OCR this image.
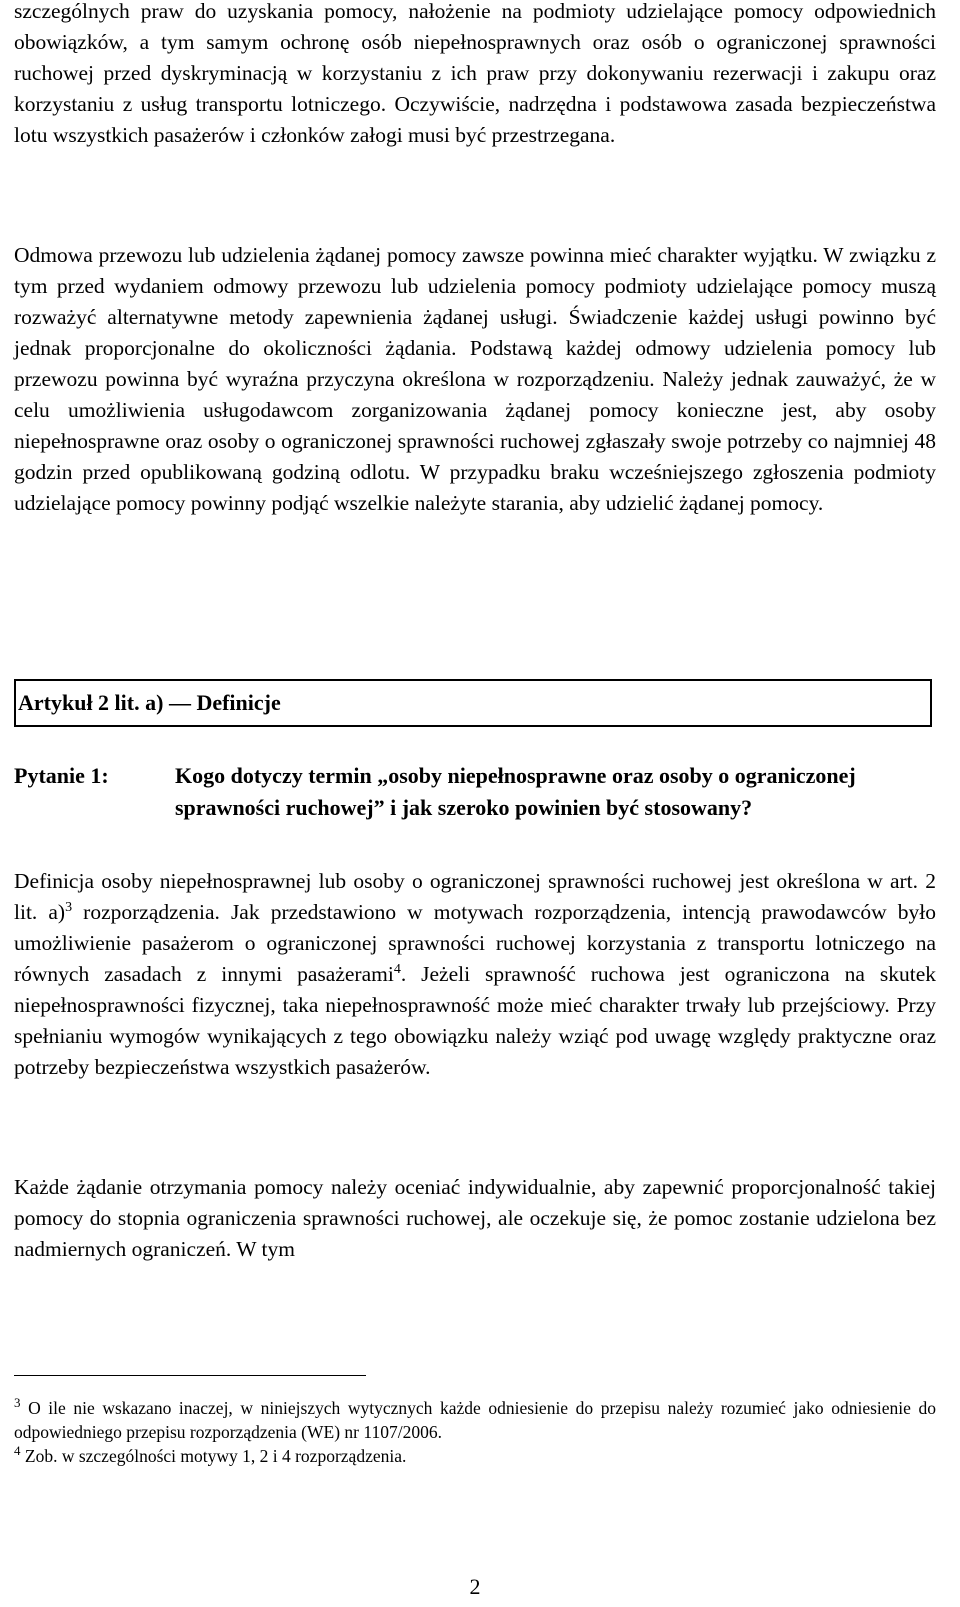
szczególnych praw do uzyskania pomocy, nałożenie na podmioty udzielające pomocy odpowiednich obowiązków, a tym samym ochronę osób niepełnosprawnych oraz osób o ograniczonej sprawności ruchowej przed dyskryminacją w korzystaniu z ich praw przy dokonywaniu rezerwacji i zakupu oraz korzystaniu z usług transportu lotniczego. Oczywiście, nadrzędna i podstawowa zasada bezpieczeństwa lotu wszystkich pasażerów i członków załogi musi być przestrzegana.

Odmowa przewozu lub udzielenia żądanej pomocy zawsze powinna mieć charakter wyjątku. W związku z tym przed wydaniem odmowy przewozu lub udzielenia pomocy podmioty udzielające pomocy muszą rozważyć alternatywne metody zapewnienia żądanej usługi. Świadczenie każdej usługi powinno być jednak proporcjonalne do okoliczności żądania. Podstawą każdej odmowy udzielenia pomocy lub przewozu powinna być wyraźna przyczyna określona w rozporządzeniu. Należy jednak zauważyć, że w celu umożliwienia usługodawcom zorganizowania żądanej pomocy konieczne jest, aby osoby niepełnosprawne oraz osoby o ograniczonej sprawności ruchowej zgłaszały swoje potrzeby co najmniej 48 godzin przed opublikowaną godziną odlotu. W przypadku braku wcześniejszego zgłoszenia podmioty udzielające pomocy powinny podjąć wszelkie należyte starania, aby udzielić żądanej pomocy.

Artykuł 2 lit. a) — Definicje
Pytanie 1:	Kogo dotyczy termin „osoby niepełnosprawne oraz osoby o ograniczonej sprawności ruchowej” i jak szeroko powinien być stosowany?

Definicja osoby niepełnosprawnej lub osoby o ograniczonej sprawności ruchowej jest określona w art. 2 lit. a)$^3$ rozporządzenia. Jak przedstawiono w motywach rozporządzenia, intencją prawodawców było umożliwienie pasażerom o ograniczonej sprawności ruchowej korzystania z transportu lotniczego na równych zasadach z innymi pasażerami$^4$. Jeżeli sprawność ruchowa jest ograniczona na skutek niepełnosprawności fizycznej, taka niepełnosprawność może mieć charakter trwały lub przejściowy. Przy spełnianiu wymogów wynikających z tego obowiązku należy wziąć pod uwagę względy praktyczne oraz potrzeby bezpieczeństwa wszystkich pasażerów.

Każde żądanie otrzymania pomocy należy oceniać indywidualnie, aby zapewnić proporcjonalność takiej pomocy do stopnia ograniczenia sprawności ruchowej, ale oczekuje się, że pomoc zostanie udzielona bez nadmiernych ograniczeń. W tym

$^3$ O ile nie wskazano inaczej, w niniejszych wytycznych każde odniesienie do przepisu należy rozumieć jako odniesienie do odpowiedniego przepisu rozporządzenia (WE) nr 1107/2006.

$^4$ Zob. w szczególności motywy 1, 2 i 4 rozporządzenia.

2
